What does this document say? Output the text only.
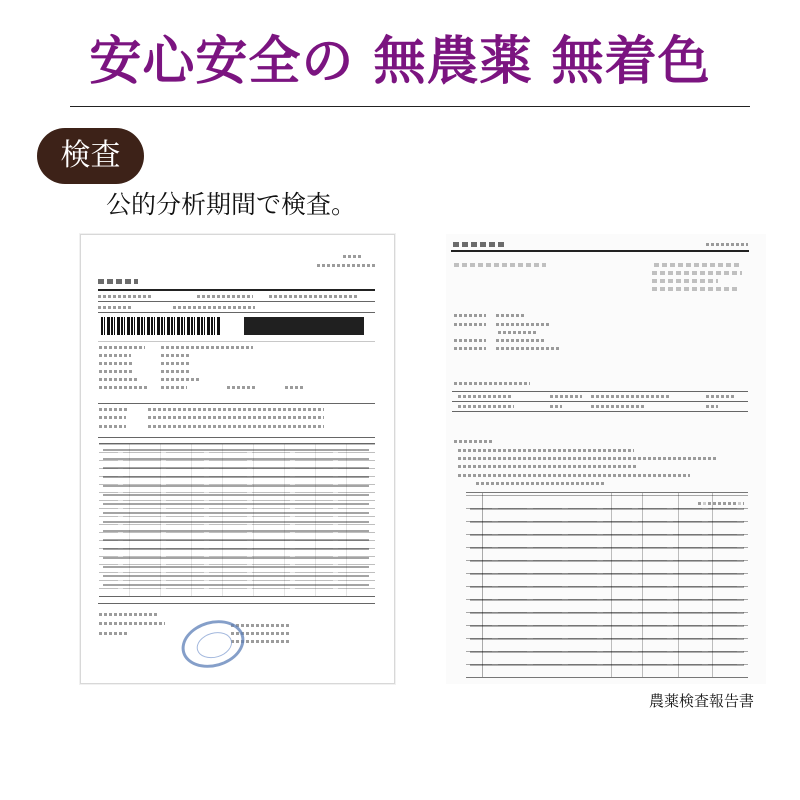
安心安全の 無農薬 無着色
検査
公的分析期間で検査。
農薬検査報告書
